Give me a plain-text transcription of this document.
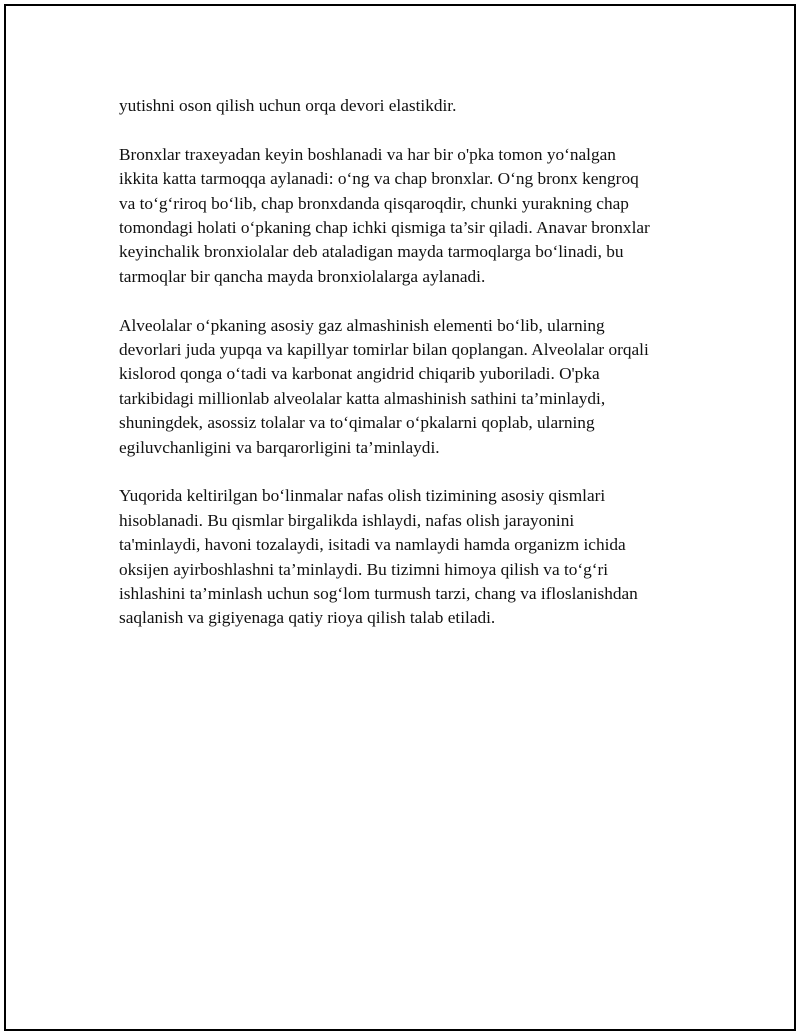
yutishni oson qilish uchun orqa devori elastikdir.

Bronxlar traxeyadan keyin boshlanadi va har bir o'pka tomon yo‘nalgan
ikkita katta tarmoqqa aylanadi: o‘ng va chap bronxlar. O‘ng bronx kengroq
va to‘g‘riroq bo‘lib, chap bronxdanda qisqaroqdir, chunki yurakning chap
tomondagi holati o‘pkaning chap ichki qismiga ta’sir qiladi. Anavar bronxlar
keyinchalik bronxiolalar deb ataladigan mayda tarmoqlarga bo‘linadi, bu
tarmoqlar bir qancha mayda bronxiolalarga aylanadi.

Alveolalar o‘pkaning asosiy gaz almashinish elementi bo‘lib, ularning
devorlari juda yupqa va kapillyar tomirlar bilan qoplangan. Alveolalar orqali
kislorod qonga o‘tadi va karbonat angidrid chiqarib yuboriladi. O'pka
tarkibidagi millionlab alveolalar katta almashinish sathini ta’minlaydi,
shuningdek, asossiz tolalar va to‘qimalar o‘pkalarni qoplab, ularning
egiluvchanligini va barqarorligini ta’minlaydi.

Yuqorida keltirilgan bo‘linmalar nafas olish tizimining asosiy qismlari
hisoblanadi. Bu qismlar birgalikda ishlaydi, nafas olish jarayonini
ta'minlaydi, havoni tozalaydi, isitadi va namlaydi hamda organizm ichida
oksijen ayirboshlashni ta’minlaydi. Bu tizimni himoya qilish va to‘g‘ri
ishlashini ta’minlash uchun sog‘lom turmush tarzi, chang va ifloslanishdan
saqlanish va gigiyenaga qatiy rioya qilish talab etiladi.
